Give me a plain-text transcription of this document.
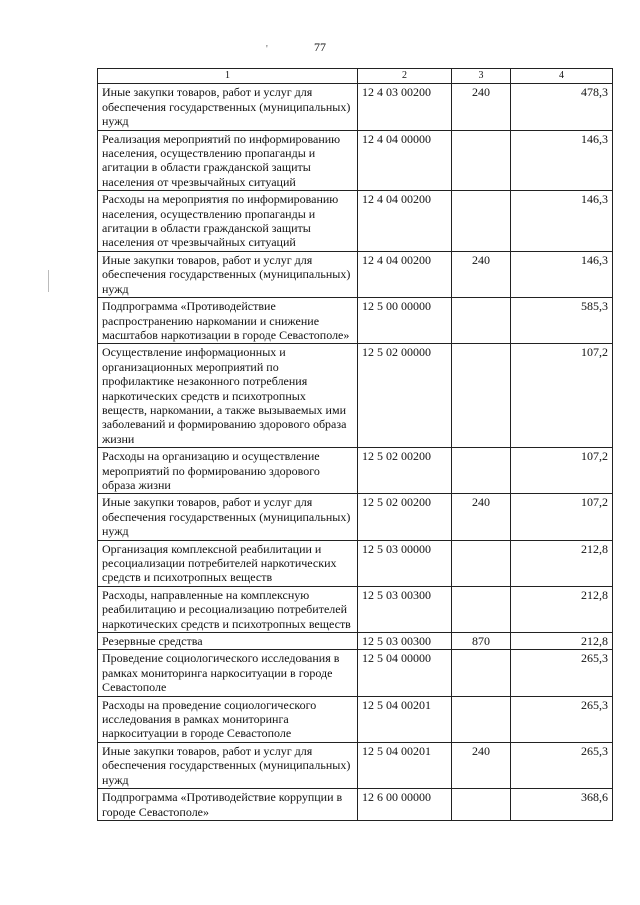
77
'
1	2	3	4
Иные закупки товаров, работ и услуг для обеспечения государственных (муниципальных) нужд	12 4 03 00200	240	478,3
Реализация мероприятий по информированию населения, осуществлению пропаганды и агитации в области гражданской защиты населения от чрезвычайных ситуаций	12 4 04 00000		146,3
Расходы на мероприятия по информированию населения, осуществлению пропаганды и агитации в области гражданской защиты населения от чрезвычайных ситуаций	12 4 04 00200		146,3
Иные закупки товаров, работ и услуг для обеспечения государственных (муниципальных) нужд	12 4 04 00200	240	146,3
Подпрограмма «Противодействие распространению наркомании и снижение масштабов наркотизации в городе Севастополе»	12 5 00 00000		585,3
Осуществление информационных и организационных мероприятий по профилактике незаконного потребления наркотических средств и психотропных веществ, наркомании, а также вызываемых ими заболеваний и формированию здорового образа жизни	12 5 02 00000		107,2
Расходы на организацию и осуществление мероприятий по формированию здорового образа жизни	12 5 02 00200		107,2
Иные закупки товаров, работ и услуг для обеспечения государственных (муниципальных) нужд	12 5 02 00200	240	107,2
Организация комплексной реабилитации и ресоциализации потребителей наркотических средств и психотропных веществ	12 5 03 00000		212,8
Расходы, направленные на комплексную реабилитацию и ресоциализацию потребителей наркотических средств и психотропных веществ	12 5 03 00300		212,8
Резервные средства	12 5 03 00300	870	212,8
Проведение социологического исследования в рамках мониторинга наркоситуации в городе Севастополе	12 5 04 00000		265,3
Расходы на проведение социологического исследования в рамках мониторинга наркоситуации в городе Севастополе	12 5 04 00201		265,3
Иные закупки товаров, работ и услуг для обеспечения государственных (муниципальных) нужд	12 5 04 00201	240	265,3
Подпрограмма «Противодействие коррупции в городе Севастополе»	12 6 00 00000		368,6
